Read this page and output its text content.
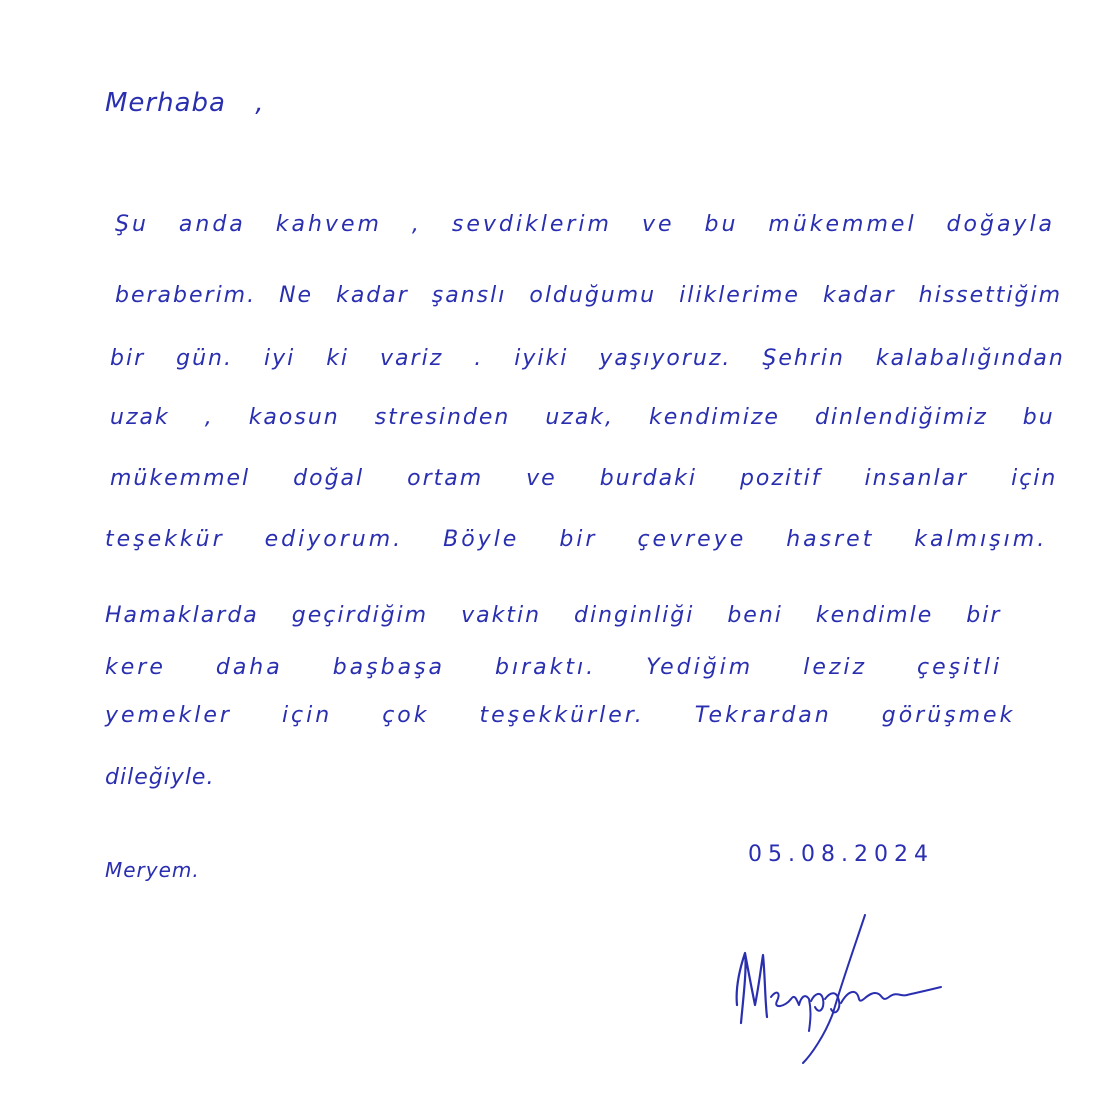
Merhaba ,
Şu anda kahvem , sevdiklerim ve bu mükemmel doğayla
beraberim. Ne kadar şanslı olduğumu iliklerime kadar hissettiğim
bir gün. iyi ki variz . iyiki yaşıyoruz. Şehrin kalabalığından
uzak , kaosun stresinden uzak, kendimize dinlendiğimiz bu
mükemmel doğal ortam ve burdaki pozitif insanlar için
teşekkür ediyorum. Böyle bir çevreye hasret kalmışım.
Hamaklarda geçirdiğim vaktin dinginliği beni kendimle bir
kere daha başbaşa bıraktı. Yediğim leziz çeşitli
yemekler için çok teşekkürler. Tekrardan görüşmek
dileğiyle.
Meryem.
05.08.2024
